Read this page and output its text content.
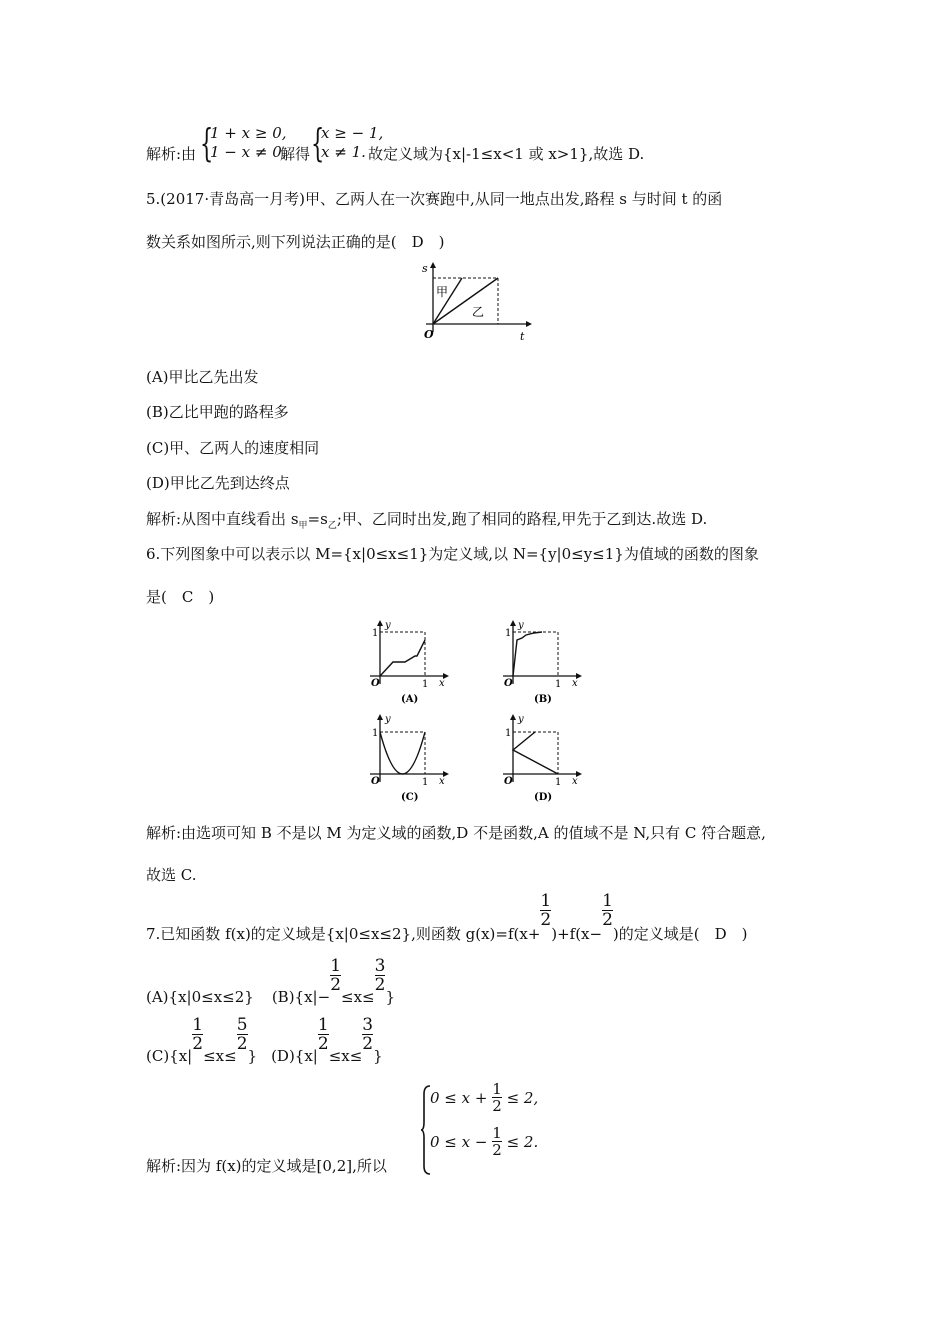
解析:由 {
1 + x ≥ 0,
1 − x ≠ 0,
解得 {
x ≥ − 1,
x ≠ 1. 故定义域为{x|-1≤x<1 或 x>1},故选 D.
5.(2017·青岛高一月考)甲、乙两人在一次赛跑中,从同一地点出发,路程 s 与时间 t 的函
数关系如图所示,则下列说法正确的是(　D　)
s
t
O
甲
乙
(A)甲比乙先出发
(B)乙比甲跑的路程多
(C)甲、乙两人的速度相同
(D)甲比乙先到达终点
解析:从图中直线看出 $s_甲=s_乙$;甲、乙同时出发,跑了相同的路程,甲先于乙到达.故选 D.
6.下列图象中可以表示以 M={x|0≤x≤1}为定义域,以 N={y|0≤y≤1}为值域的函数的图象
是(　C　)
y
x
O
1
1
(A)
y
x
O
1
1
(B)
y
x
O
1
1
(C)
y
x
O
1
1
(D)
解析:由选项可知 B 不是以 M 为定义域的函数,D 不是函数,A 的值域不是 N,只有 C 符合题意,
故选 C.
7.已知函数 f(x)的定义域是{x|0≤x≤2},则函数 g(x)=f(x+
$\frac{1}{2}$
)+f(x−
$\frac{1}{2}$
)的定义域是(　D　)
(A){x|0≤x≤2} (B){x|−
$\frac{1}{2}$
≤x≤
$\frac{3}{2}$
}
(C){x|
$\frac{1}{2}$
≤x≤
$\frac{5}{2}$
} (D){x|
$\frac{1}{2}$
≤x≤
$\frac{3}{2}$
}
解析:因为 f(x)的定义域是[0,2],所以
$0 \le x + \frac{1}{2} \le 2$,
$0 \le x - \frac{1}{2} \le 2$.
